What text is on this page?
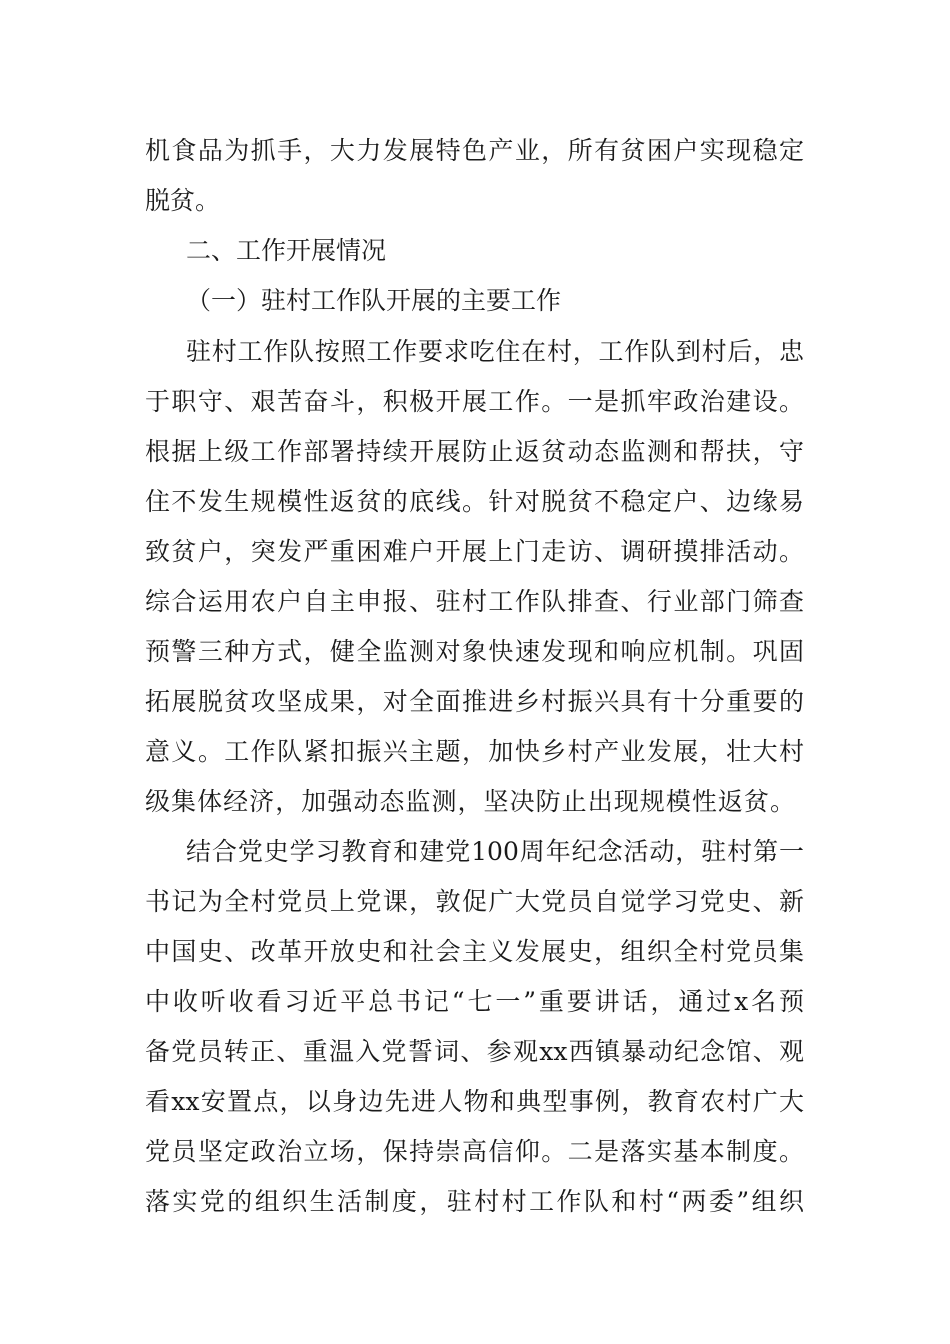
机食品为抓手，大力发展特色产业，所有贫困户实现稳定
脱贫。
二、工作开展情况
（一）驻村工作队开展的主要工作
驻村工作队按照工作要求吃住在村，工作队到村后，忠
于职守、艰苦奋斗，积极开展工作。一是抓牢政治建设。
根据上级工作部署持续开展防止返贫动态监测和帮扶，守
住不发生规模性返贫的底线。针对脱贫不稳定户、边缘易
致贫户，突发严重困难户开展上门走访、调研摸排活动。
综合运用农户自主申报、驻村工作队排查、行业部门筛查
预警三种方式，健全监测对象快速发现和响应机制。巩固
拓展脱贫攻坚成果，对全面推进乡村振兴具有十分重要的
意义。工作队紧扣振兴主题，加快乡村产业发展，壮大村
级集体经济，加强动态监测，坚决防止出现规模性返贫。
结合党史学习教育和建党100周年纪念活动，驻村第一
书记为全村党员上党课，敦促广大党员自觉学习党史、新
中国史、改革开放史和社会主义发展史，组织全村党员集
中收听收看习近平总书记“七一”重要讲话，通过x名预
备党员转正、重温入党誓词、参观xx西镇暴动纪念馆、观
看xx安置点，以身边先进人物和典型事例，教育农村广大
党员坚定政治立场，保持崇高信仰。二是落实基本制度。
落实党的组织生活制度，驻村村工作队和村“两委”组织
